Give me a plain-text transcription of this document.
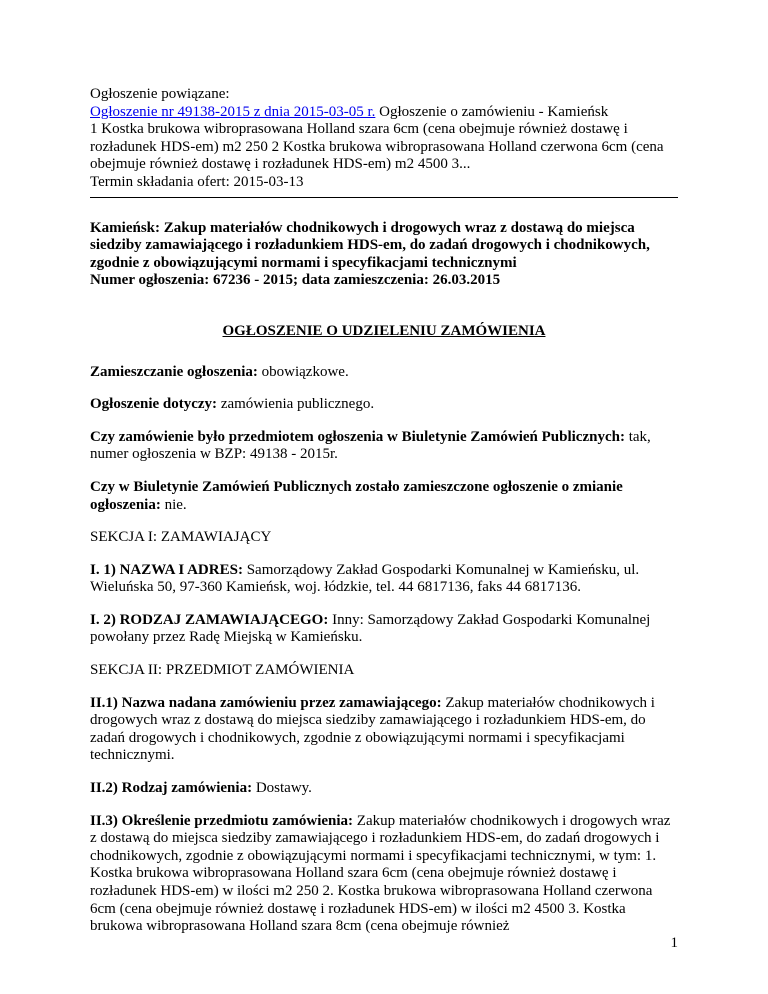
Ogłoszenie powiązane:

Ogłoszenie nr 49138-2015 z dnia 2015-03-05 r. Ogłoszenie o zamówieniu - Kamieńsk

1 Kostka brukowa wibroprasowana Holland szara 6cm (cena obejmuje również dostawę i rozładunek HDS-em) m2 250 2 Kostka brukowa wibroprasowana Holland czerwona 6cm (cena obejmuje również dostawę i rozładunek HDS-em) m2 4500 3...

Termin składania ofert: 2015-03-13

Kamieńsk: Zakup materiałów chodnikowych i drogowych wraz z dostawą do miejsca siedziby zamawiającego i rozładunkiem HDS-em, do zadań drogowych i chodnikowych, zgodnie z obowiązującymi normami i specyfikacjami technicznymi

Numer ogłoszenia: 67236 - 2015; data zamieszczenia: 26.03.2015

OGŁOSZENIE O UDZIELENIU ZAMÓWIENIA

Zamieszczanie ogłoszenia: obowiązkowe.

Ogłoszenie dotyczy: zamówienia publicznego.

Czy zamówienie było przedmiotem ogłoszenia w Biuletynie Zamówień Publicznych: tak, numer ogłoszenia w BZP: 49138 - 2015r.

Czy w Biuletynie Zamówień Publicznych zostało zamieszczone ogłoszenie o zmianie ogłoszenia: nie.

SEKCJA I: ZAMAWIAJĄCY

I. 1) NAZWA I ADRES: Samorządowy Zakład Gospodarki Komunalnej w Kamieńsku, ul. Wieluńska 50, 97-360 Kamieńsk, woj. łódzkie, tel. 44 6817136, faks 44 6817136.

I. 2) RODZAJ ZAMAWIAJĄCEGO: Inny: Samorządowy Zakład Gospodarki Komunalnej powołany przez Radę Miejską w Kamieńsku.

SEKCJA II: PRZEDMIOT ZAMÓWIENIA

II.1) Nazwa nadana zamówieniu przez zamawiającego: Zakup materiałów chodnikowych i drogowych wraz z dostawą do miejsca siedziby zamawiającego i rozładunkiem HDS-em, do zadań drogowych i chodnikowych, zgodnie z obowiązującymi normami i specyfikacjami technicznymi.

II.2) Rodzaj zamówienia: Dostawy.

II.3) Określenie przedmiotu zamówienia: Zakup materiałów chodnikowych i drogowych wraz z dostawą do miejsca siedziby zamawiającego i rozładunkiem HDS-em, do zadań drogowych i chodnikowych, zgodnie z obowiązującymi normami i specyfikacjami technicznymi, w tym: 1. Kostka brukowa wibroprasowana Holland szara 6cm (cena obejmuje również dostawę i rozładunek HDS-em) w ilości m2 250 2. Kostka brukowa wibroprasowana Holland czerwona 6cm (cena obejmuje również dostawę i rozładunek HDS-em) w ilości m2 4500 3. Kostka brukowa wibroprasowana Holland szara 8cm (cena obejmuje również

1
